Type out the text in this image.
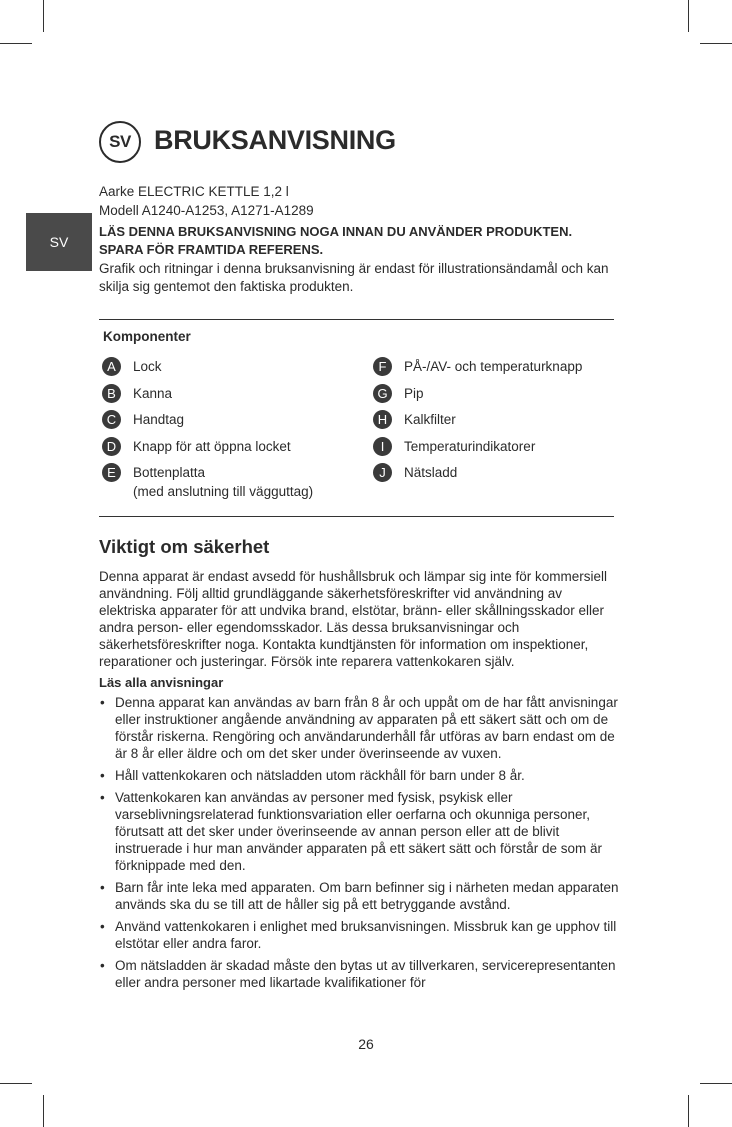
SV BRUKSANVISNING
SV

Aarke ELECTRIC KETTLE 1,2 l

Modell A1240-A1253, A1271-A1289

LÄS DENNA BRUKSANVISNING NOGA INNAN DU ANVÄNDER PRODUKTEN.

SPARA FÖR FRAMTIDA REFERENS.

Grafik och ritningar i denna bruksanvisning är endast för illustrationsändamål och kan skilja sig gentemot den faktiska produkten.

Komponenter
A	Lock
B	Kanna
C	Handtag
D	Knapp för att öppna locket
E	Bottenplatta
(med anslutning till vägguttag)
F	PÅ-/AV- och temperaturknapp
G	Pip
H	Kalkfilter
I	Temperaturindikatorer
J	Nätsladd
Viktigt om säkerhet

Denna apparat är endast avsedd för hushållsbruk och lämpar sig inte för kommersiell användning. Följ alltid grundläggande säkerhetsföreskrifter vid användning av elektriska apparater för att undvika brand, elstötar, bränn- eller skållningsskador eller andra person- eller egendomsskador. Läs dessa bruksanvisningar och säkerhetsföreskrifter noga. Kontakta kundtjänsten för information om inspektioner, reparationer och justeringar. Försök inte reparera vattenkokaren själv.

Läs alla anvisningar
• Denna apparat kan användas av barn från 8 år och uppåt om de har fått anvisningar eller instruktioner angående användning av apparaten på ett säkert sätt och om de förstår riskerna. Rengöring och användarunderhåll får utföras av barn endast om de är 8 år eller äldre och om det sker under överinseende av vuxen.
• Håll vattenkokaren och nätsladden utom räckhåll för barn under 8 år.
• Vattenkokaren kan användas av personer med fysisk, psykisk eller varseblivningsrelaterad funktionsvariation eller oerfarna och okunniga personer, förutsatt att det sker under överinseende av annan person eller att de blivit instruerade i hur man använder apparaten på ett säkert sätt och förstår de som är förknippade med den.
• Barn får inte leka med apparaten. Om barn befinner sig i närheten medan apparaten används ska du se till att de håller sig på ett betryggande avstånd.
• Använd vattenkokaren i enlighet med bruksanvisningen. Missbruk kan ge upphov till elstötar eller andra faror.
• Om nätsladden är skadad måste den bytas ut av tillverkaren, servicerepresentanten eller andra personer med likartade kvalifikationer för
26
